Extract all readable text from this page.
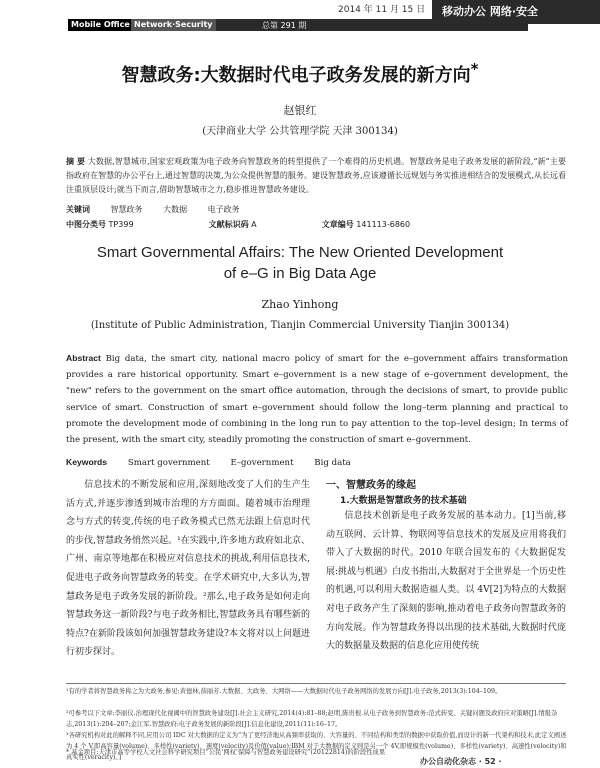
Mobile Office Network·Security	总第 291 期
2014 年 11 月 15 日	移动办公 网络·安全
智慧政务:大数据时代电子政务发展的新方向*
赵银红
(天津商业大学 公共管理学院 天津 300134)
摘 要 大数据,智慧城市,国家宏观政策为电子政务向智慧政务的转型提供了一个难得的历史机遇。智慧政务是电子政务发展的新阶段,“新”主要指政府在智慧的办公平台上,通过智慧的决策,为公众提供智慧的服务。建设智慧政务,应该遵循长远规划与务实推进相结合的发展模式,从长远看注重顶层设计;就当下而言,借助智慧城市之力,稳步推进智慧政务建设。
关键词	智慧政务	大数据	电子政务
中图分类号 TP399	文献标识码 A	文章编号 141113-6860
Smart Governmental Affairs: The New Oriented Development
of e–G in Big Data Age
Zhao Yinhong
(Institute of Public Administration, Tianjin Commercial University Tianjin 300134)
Abstract Big data, the smart city, national macro policy of smart for the e–government affairs transformation provides a rare historical opportunity. Smart e–government is a new stage of e–government development, the "new" refers to the government on the smart office automation, through the decisions of smart, to provide public service of smart. Construction of smart e–government should follow the long–term planning and practical to promote the development mode of combining in the long run to pay attention to the top–level design; In terms of the present, with the smart city, steadily promoting the construction of smart e–government.
Keywords Smart government E–government Big data
信息技术的不断发展和应用,深刻地改变了人们的生产生活方式,并逐步渗透到城市治理的方方面面。随着城市治理理念与方式的转变,传统的电子政务模式已然无法跟上信息时代的步伐,智慧政务悄然兴起。¹在实践中,许多地方政府如北京、广州、南京等地都在积极应对信息技术的挑战,利用信息技术,促进电子政务向智慧政务的转变。在学术研究中,大多认为,智慧政务是电子政务发展的新阶段。²那么,电子政务是如何走向智慧政务这一新阶段?与电子政务相比,智慧政务具有哪些新的特点?在新阶段该如何加强智慧政务建设?本文将对以上问题进行初步探讨。
一、智慧政务的缘起
1.大数据是智慧政务的技术基础
信息技术创新是电子政务发展的基本动力。[1]当前,移动互联网、云计算、物联网等信息技术的发展及应用将我们带入了大数据的时代。2010 年联合国发布的《大数据促发展:挑战与机遇》白皮书指出,大数据对于全世界是一个历史性的机遇,可以利用大数据造福人类。以 4V[2]为特点的大数据对电子政务产生了深刻的影响,推动着电子政务向智慧政务的方向发展。作为智慧政务得以出现的技术基础,大数据时代庞大的数据量及数据的信息化应用使传统
¹有的学者将智慧政务称之为大政务,参见:黄德林,薛丽芳.大数据、大政务、大网络——大数据时代电子政务网络的发展方向[J].电子政务,2013(3):104–109。
²可参考以下文章:李丽仪.治理现代化视阈中的智慧政务建设[J].社会主义研究,2014(4):81–88;赵明,陈贵根.从电子政务到智慧政务:范式转变、关键问题及政府应对策略[J].情报杂志,2013(1):204–207;金江军.智慧政府:电子政务发展的新阶段[J].信息化建设,2011(11):16–17。
³各研究机构对此的解释不同,应用公司 IDC 对大数据的定义为“为了更经济地从高频率获取的、大容量的、不同结构和类型的数据中获取价值,而设计的新一代架构和技术,此定义阐述为 4 个 V,即高容量(volume)、多样性(variety)、速度(velocity)及价值(value);IBM 对于大数据的定义则是另一个 4V,即规模性(volume)、多样性(variety)、高速性(velocity)和真实性(veracity)。]
* 基金项目:天津市高等学校人文社会科学研究项目“公民‘网权’保障与智慧政务建设研究”(20122814)的阶段性成果
办公自动化杂志 · 52 ·
